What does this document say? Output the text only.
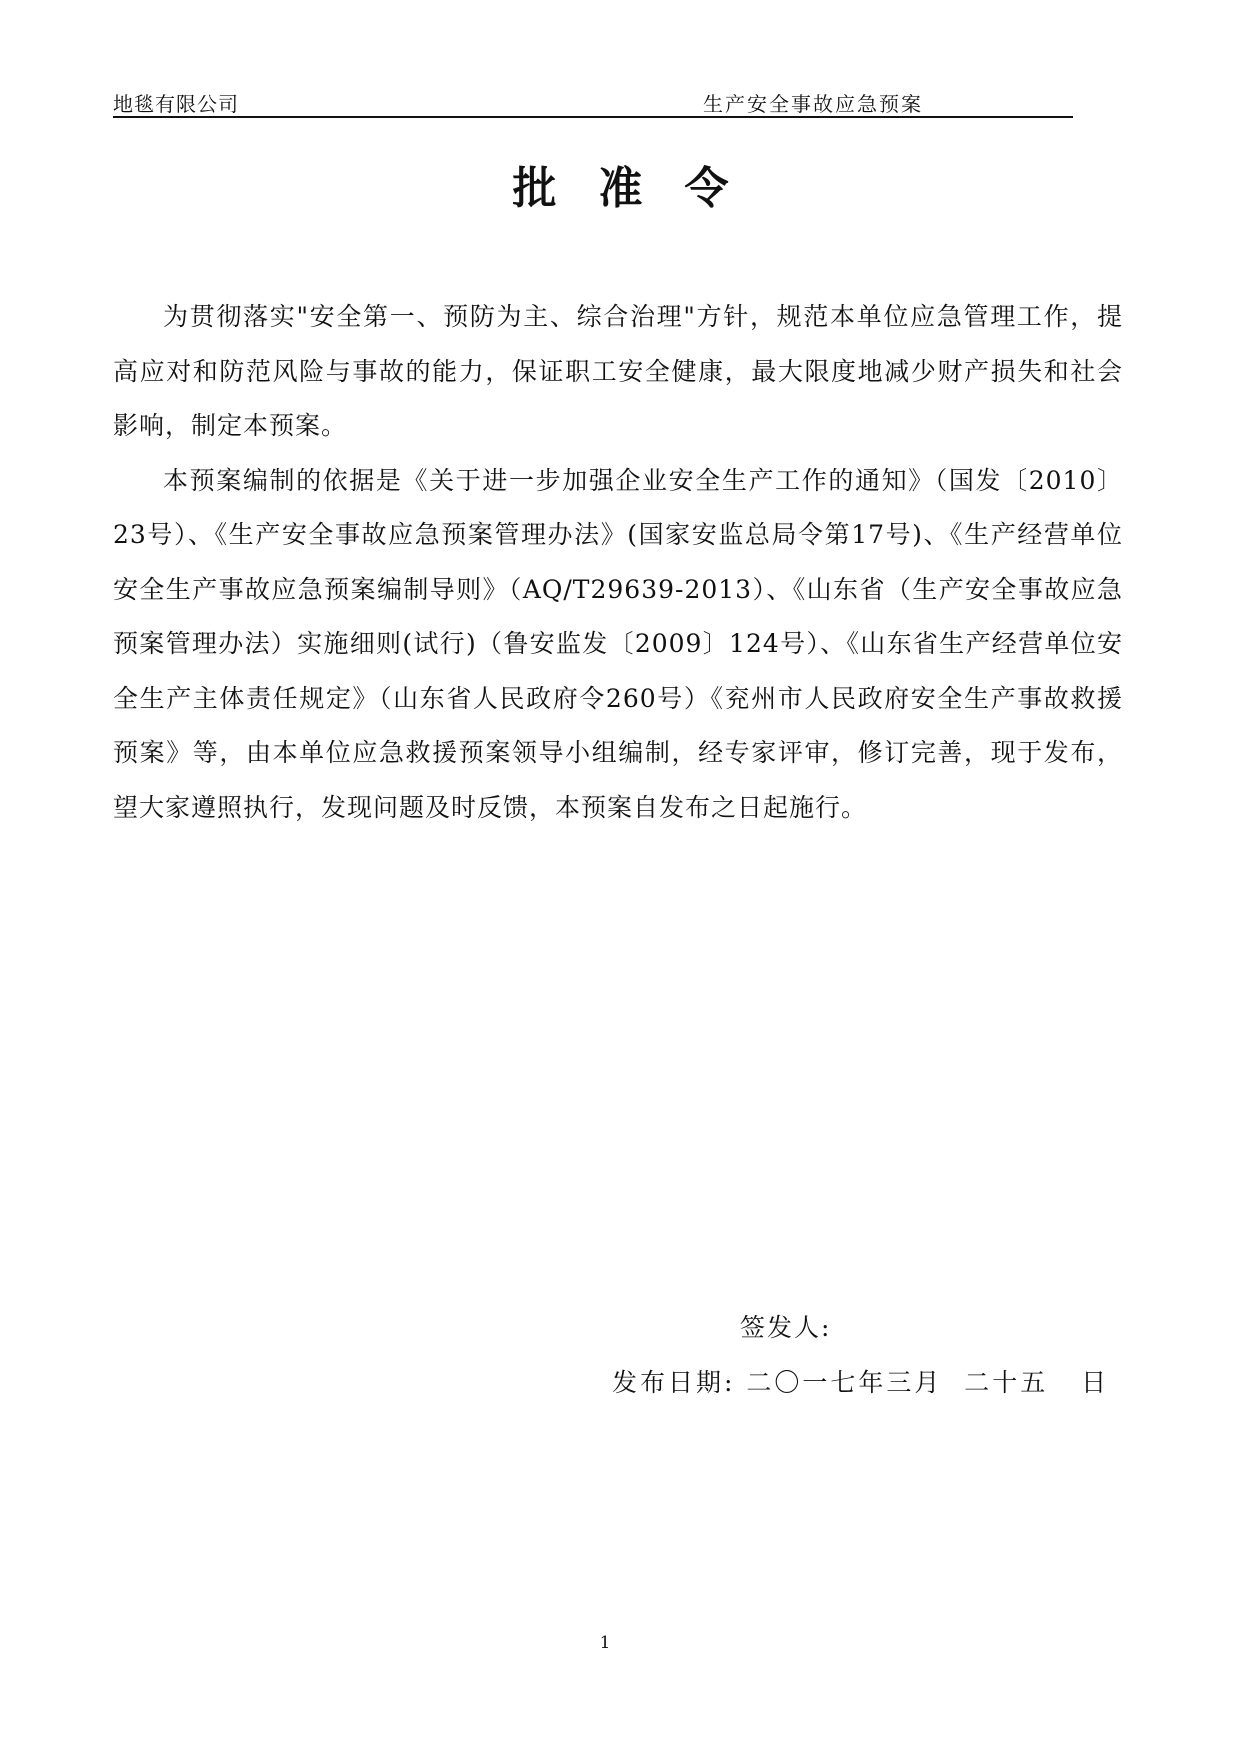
地毯有限公司	生产安全事故应急预案
批准令

为贯彻落实"安全第一、预防为主、综合治理"方针，规范本单位应急管理工作，提高应对和防范风险与事故的能力，保证职工安全健康，最大限度地减少财产损失和社会影响，制定本预案。

本预案编制的依据是《关于进一步加强企业安全生产工作的通知》（国发〔2010〕23号）、《生产安全事故应急预案管理办法》(国家安监总局令第17号)、《生产经营单位安全生产事故应急预案编制导则》（AQ/T29639-2013）、《山东省（生产安全事故应急预案管理办法）实施细则(试行)（鲁安监发〔2009〕124号）、《山东省生产经营单位安全生产主体责任规定》（山东省人民政府令260号）《兖州市人民政府安全生产事故救援预案》等，由本单位应急救援预案领导小组编制，经专家评审，修订完善，现于发布，望大家遵照执行，发现问题及时反馈，本预案自发布之日起施行。

签发人:
发布日期: 二〇一七年三月  二十五   日
1
